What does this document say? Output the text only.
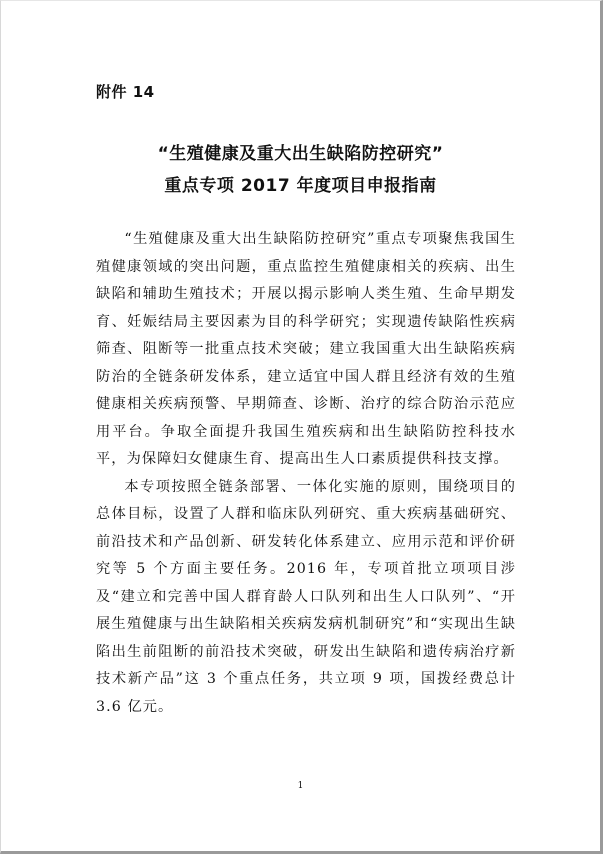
附件 14
“生殖健康及重大出生缺陷防控研究”
重点专项 2017 年度项目申报指南

“生殖健康及重大出生缺陷防控研究”重点专项聚焦我国生殖健康领域的突出问题，重点监控生殖健康相关的疾病、出生缺陷和辅助生殖技术；开展以揭示影响人类生殖、生命早期发育、妊娠结局主要因素为目的科学研究；实现遗传缺陷性疾病筛查、阻断等一批重点技术突破；建立我国重大出生缺陷疾病防治的全链条研发体系，建立适宜中国人群且经济有效的生殖健康相关疾病预警、早期筛查、诊断、治疗的综合防治示范应用平台。争取全面提升我国生殖疾病和出生缺陷防控科技水平，为保障妇女健康生育、提高出生人口素质提供科技支撑。

本专项按照全链条部署、一体化实施的原则，围绕项目的总体目标，设置了人群和临床队列研究、重大疾病基础研究、前沿技术和产品创新、研发转化体系建立、应用示范和评价研究等 5 个方面主要任务。2016 年，专项首批立项项目涉及“建立和完善中国人群育龄人口队列和出生人口队列”、“开展生殖健康与出生缺陷相关疾病发病机制研究”和“实现出生缺陷出生前阻断的前沿技术突破，研发出生缺陷和遗传病治疗新技术新产品”这 3 个重点任务，共立项 9 项，国拨经费总计 3.6 亿元。

1
